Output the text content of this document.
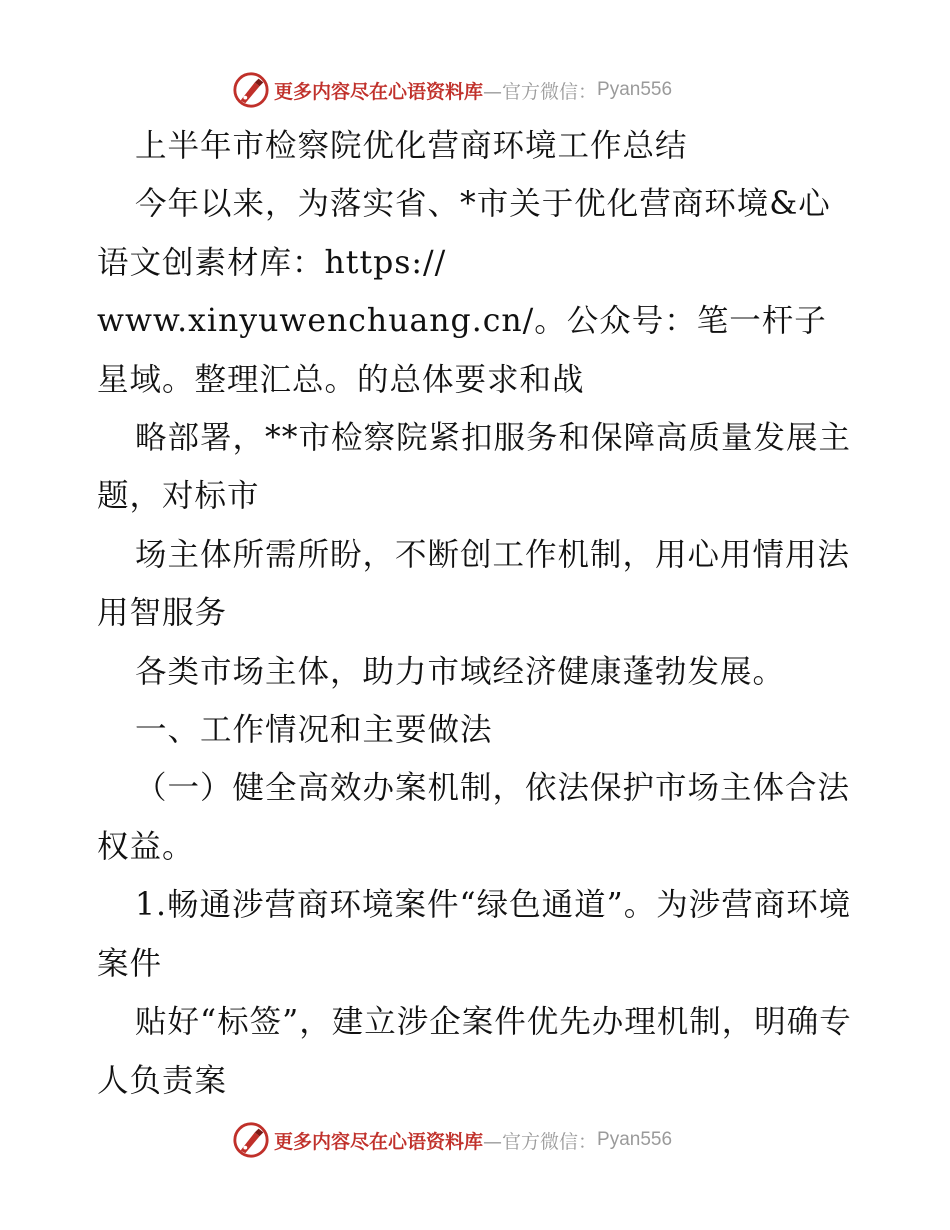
更多内容尽在心语资料库 —官方微信： Pyan556

上半年市检察院优化营商环境工作总结

今年以来，为落实省、*市关于优化营商环境&心语文创素材库：https://

www.xinyuwenchuang.cn/。公众号：笔一杆子星域。整理汇总。的总体要求和战

略部署，**市检察院紧扣服务和保障高质量发展主题，对标市

场主体所需所盼，不断创工作机制，用心用情用法用智服务

各类市场主体，助力市域经济健康蓬勃发展。

一、工作情况和主要做法

（一）健全高效办案机制，依法保护市场主体合法权益。

1.畅通涉营商环境案件“绿色通道”。为涉营商环境案件

贴好“标签”，建立涉企案件优先办理机制，明确专人负责案

更多内容尽在心语资料库 —官方微信： Pyan556
